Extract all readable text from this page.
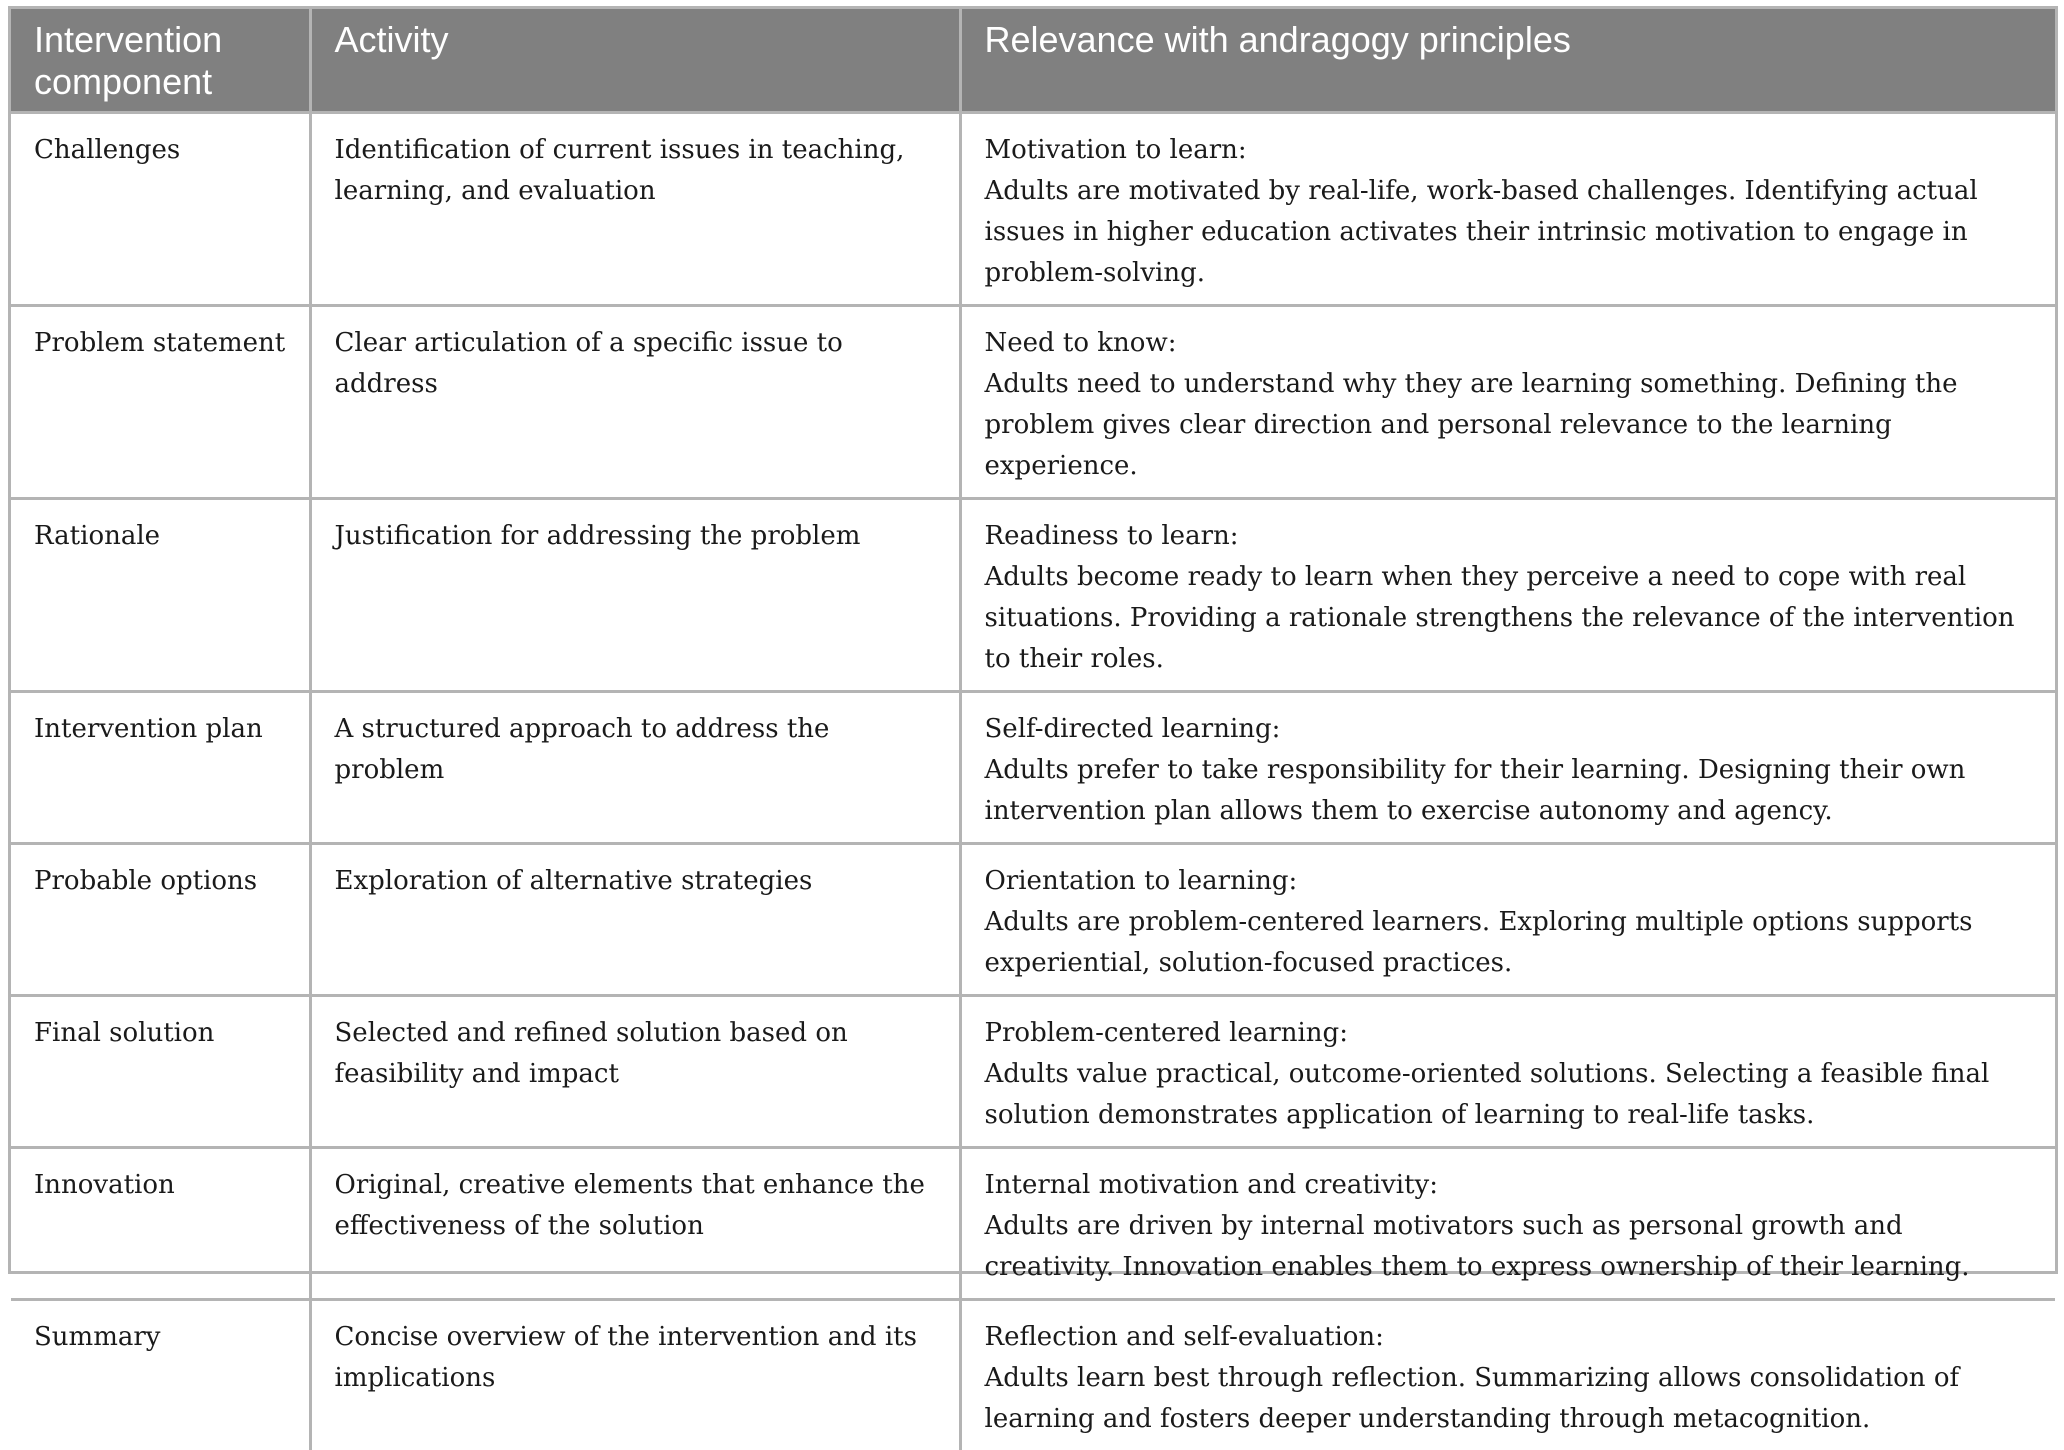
Intervention component	Activity	Relevance with andragogy principles
Challenges	Identification of current issues in teaching, learning, and evaluation	Motivation to learn:
Adults are motivated by real-life, work-based challenges. Identifying actual issues in higher education activates their intrinsic motivation to engage in problem-solving.

Problem statement	Clear articulation of a specific issue to address	Need to know:
Adults need to understand why they are learning something. Defining the problem gives clear direction and personal relevance to the learning experience.

Rationale	Justification for addressing the problem	Readiness to learn:
Adults become ready to learn when they perceive a need to cope with real situations. Providing a rationale strengthens the relevance of the intervention to their roles.

Intervention plan	A structured approach to address the problem	Self-directed learning:
Adults prefer to take responsibility for their learning. Designing their own intervention plan allows them to exercise autonomy and agency.

Probable options	Exploration of alternative strategies	Orientation to learning:
Adults are problem-centered learners. Exploring multiple options supports experiential, solution-focused practices.

Final solution	Selected and refined solution based on feasibility and impact	Problem-centered learning:
Adults value practical, outcome-oriented solutions. Selecting a feasible final solution demonstrates application of learning to real-life tasks.

Innovation	Original, creative elements that enhance the effectiveness of the solution	Internal motivation and creativity:
Adults are driven by internal motivators such as personal growth and creativity. Innovation enables them to express ownership of their learning.

Summary	Concise overview of the intervention and its implications	Reflection and self-evaluation:
Adults learn best through reflection. Summarizing allows consolidation of learning and fosters deeper understanding through metacognition.
